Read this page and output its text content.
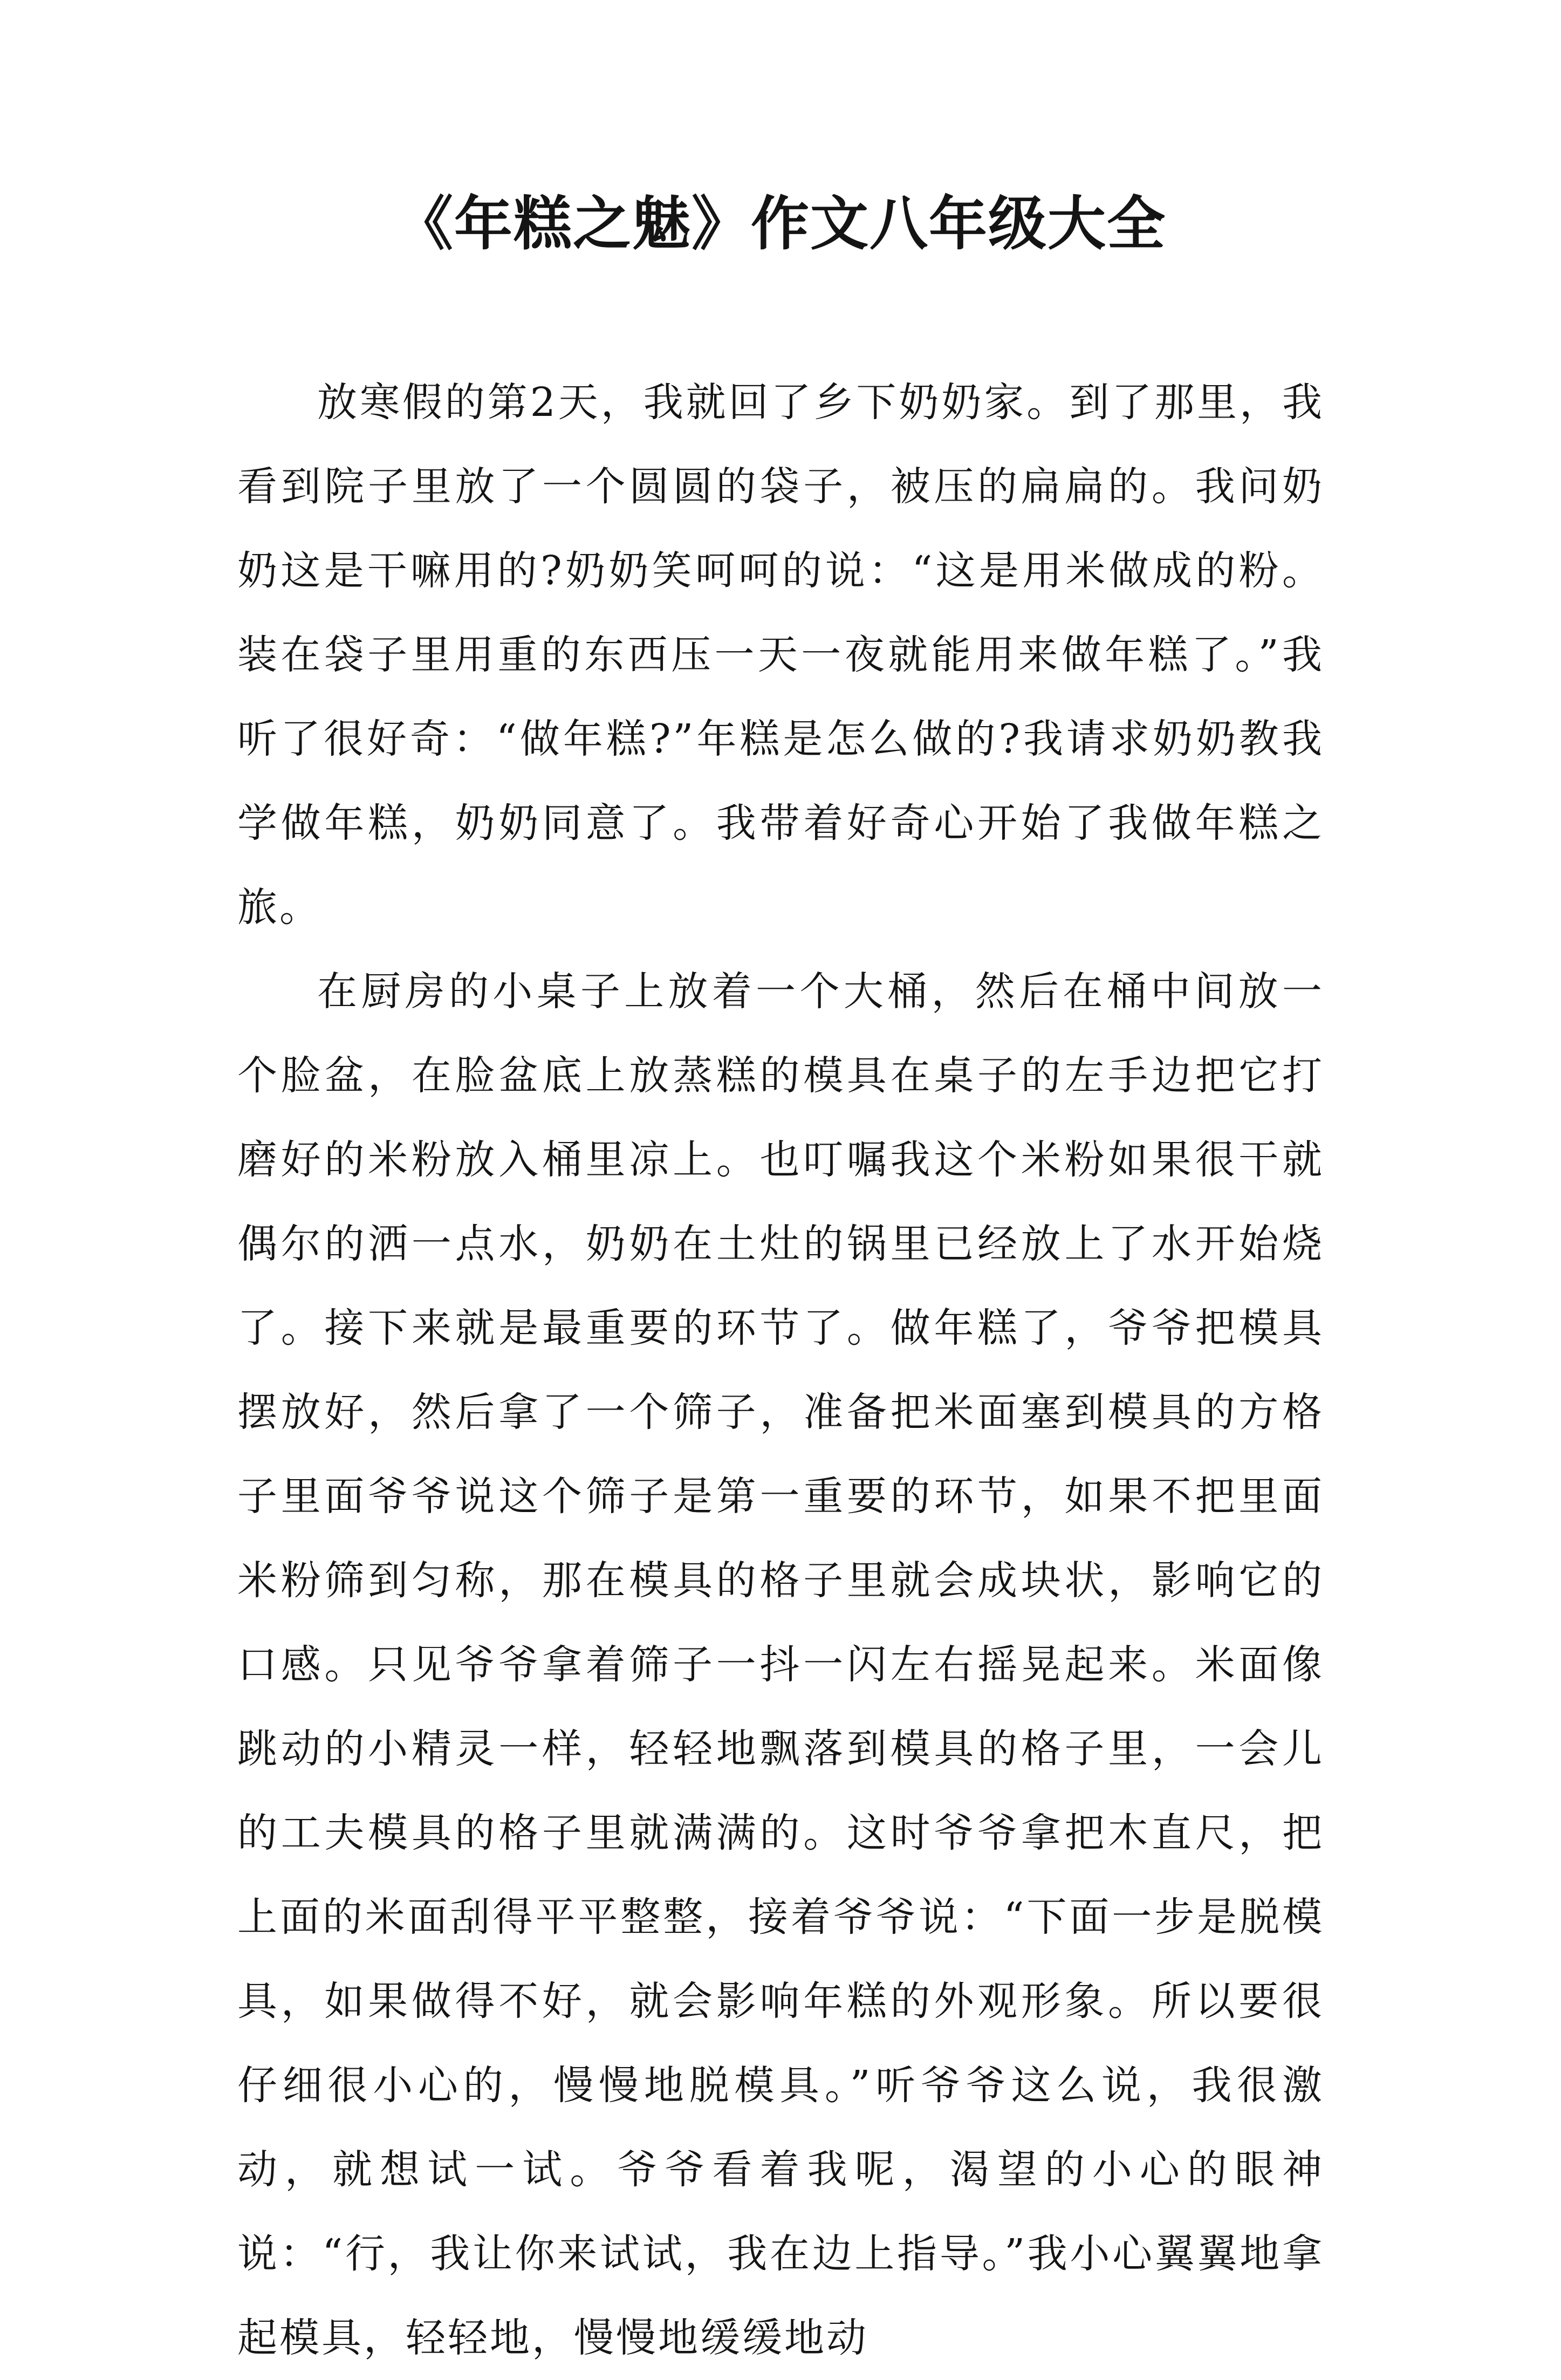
《年糕之魅》作文八年级大全

放寒假的第2天，我就回了乡下奶奶家。到了那里，我看到院子里放了一个圆圆的袋子，被压的扁扁的。我问奶奶这是干嘛用的?奶奶笑呵呵的说：“这是用米做成的粉。装在袋子里用重的东西压一天一夜就能用来做年糕了。”我听了很好奇：“做年糕?”年糕是怎么做的?我请求奶奶教我学做年糕，奶奶同意了。我带着好奇心开始了我做年糕之旅。

在厨房的小桌子上放着一个大桶，然后在桶中间放一个脸盆，在脸盆底上放蒸糕的模具在桌子的左手边把它打磨好的米粉放入桶里凉上。也叮嘱我这个米粉如果很干就偶尔的洒一点水，奶奶在土灶的锅里已经放上了水开始烧了。接下来就是最重要的环节了。做年糕了，爷爷把模具摆放好，然后拿了一个筛子，准备把米面塞到模具的方格子里面爷爷说这个筛子是第一重要的环节，如果不把里面米粉筛到匀称，那在模具的格子里就会成块状，影响它的口感。只见爷爷拿着筛子一抖一闪左右摇晃起来。米面像跳动的小精灵一样，轻轻地飘落到模具的格子里，一会儿的工夫模具的格子里就满满的。这时爷爷拿把木直尺，把上面的米面刮得平平整整，接着爷爷说：“下面一步是脱模具，如果做得不好，就会影响年糕的外观形象。所以要很仔细很小心的，慢慢地脱模具。”听爷爷这么说，我很激动，就想试一试。爷爷看着我呢，渴望的小心的眼神说：“行，我让你来试试，我在边上指导。”我小心翼翼地拿起模具，轻轻地，慢慢地缓缓地动
